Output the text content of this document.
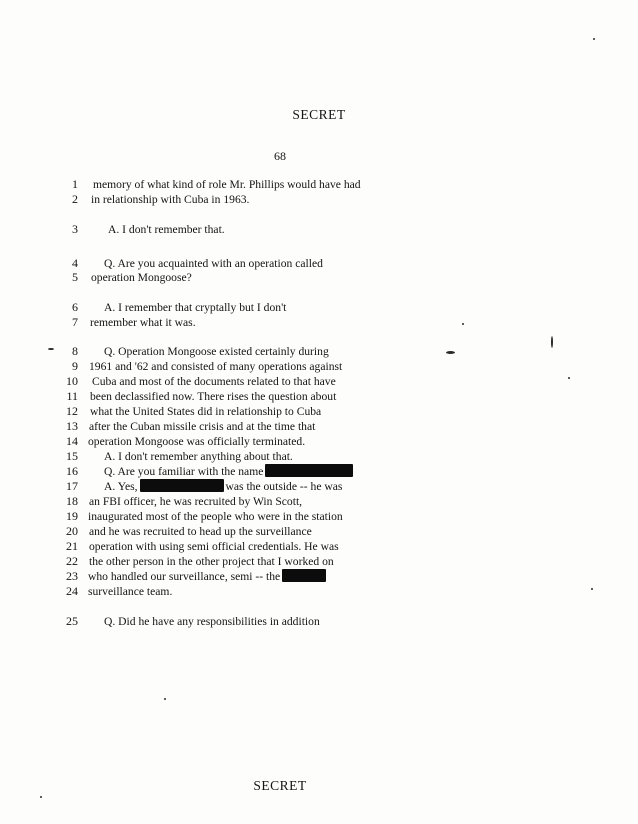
SECRET
68
1 memory of what kind of role Mr. Phillips would have had
2 in relationship with Cuba in 1963.
3	A. I don't remember that.
4 Q. Are you acquainted with an operation called
5 operation Mongoose?
6 A. I remember that cryptally but I don't
7 remember what it was.
8 Q. Operation Mongoose existed certainly during
9 1961 and '62 and consisted of many operations against
10 Cuba and most of the documents related to that have
11 been declassified now. There rises the question about
12 what the United States did in relationship to Cuba
13 after the Cuban missile crisis and at the time that
14 operation Mongoose was officially terminated.
15 A. I don't remember anything about that.
16 Q. Are you familiar with the name
17 A. Yes,	was the outside -- he was
18 an FBI officer, he was recruited by Win Scott,
19 inaugurated most of the people who were in the station
20 and he was recruited to head up the surveillance
21 operation with using semi official credentials. He was
22 the other person in the other project that I worked on
23 who handled our surveillance, semi -- the
24 surveillance team.
25 Q. Did he have any responsibilities in addition
SECRET
